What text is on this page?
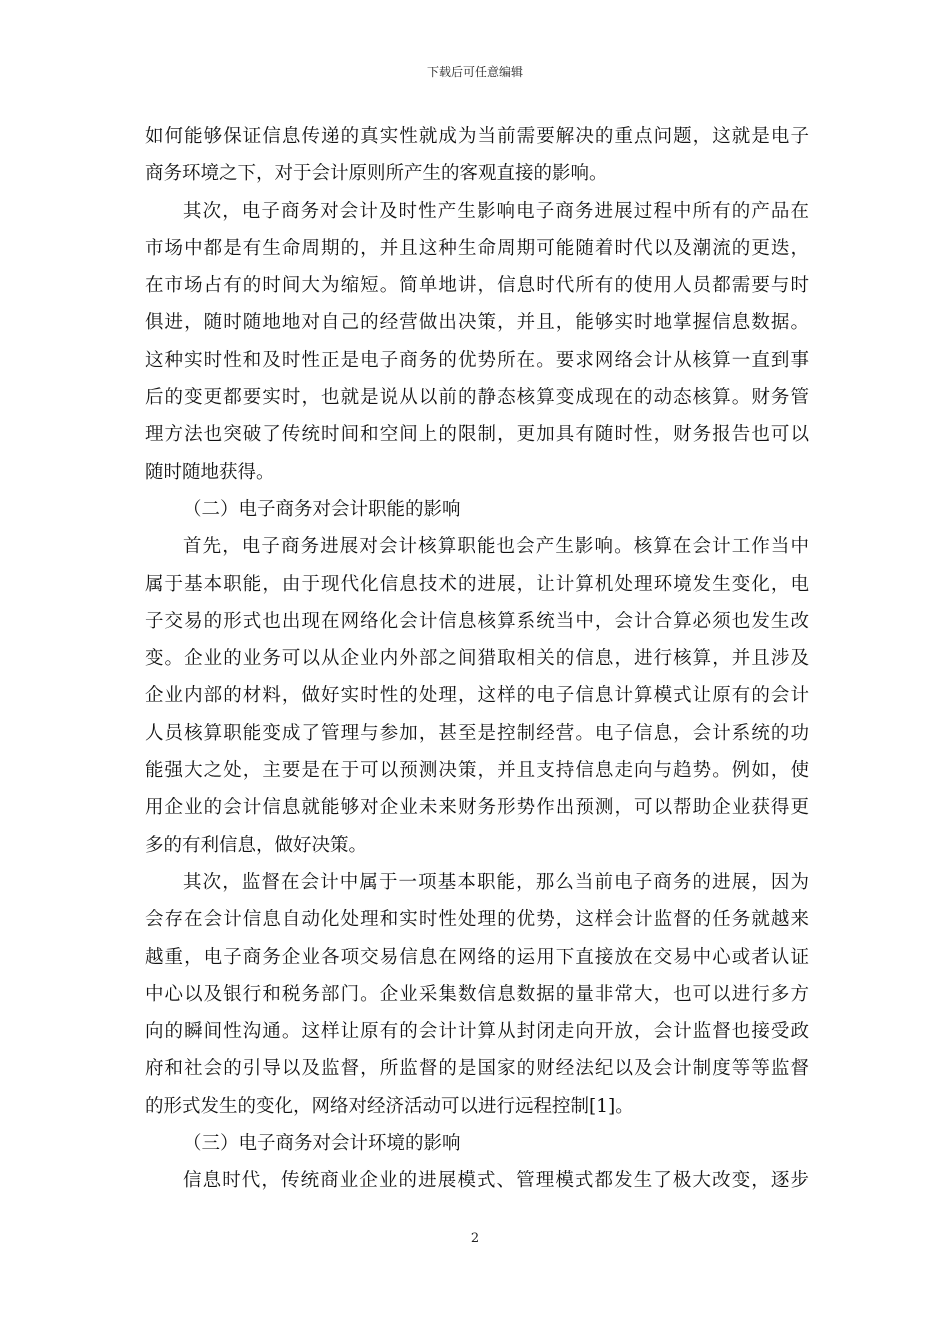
下载后可任意编辑
如何能够保证信息传递的真实性就成为当前需要解决的重点问题，这就是电子
商务环境之下，对于会计原则所产生的客观直接的影响。
其次，电子商务对会计及时性产生影响电子商务进展过程中所有的产品在
市场中都是有生命周期的，并且这种生命周期可能随着时代以及潮流的更迭，
在市场占有的时间大为缩短。简单地讲，信息时代所有的使用人员都需要与时
俱进，随时随地地对自己的经营做出决策，并且，能够实时地掌握信息数据。
这种实时性和及时性正是电子商务的优势所在。要求网络会计从核算一直到事
后的变更都要实时，也就是说从以前的静态核算变成现在的动态核算。财务管
理方法也突破了传统时间和空间上的限制，更加具有随时性，财务报告也可以
随时随地获得。
（二）电子商务对会计职能的影响
首先，电子商务进展对会计核算职能也会产生影响。核算在会计工作当中
属于基本职能，由于现代化信息技术的进展，让计算机处理环境发生变化，电
子交易的形式也出现在网络化会计信息核算系统当中，会计合算必须也发生改
变。企业的业务可以从企业内外部之间猎取相关的信息，进行核算，并且涉及
企业内部的材料，做好实时性的处理，这样的电子信息计算模式让原有的会计
人员核算职能变成了管理与参加，甚至是控制经营。电子信息，会计系统的功
能强大之处，主要是在于可以预测决策，并且支持信息走向与趋势。例如，使
用企业的会计信息就能够对企业未来财务形势作出预测，可以帮助企业获得更
多的有利信息，做好决策。
其次，监督在会计中属于一项基本职能，那么当前电子商务的进展，因为
会存在会计信息自动化处理和实时性处理的优势，这样会计监督的任务就越来
越重，电子商务企业各项交易信息在网络的运用下直接放在交易中心或者认证
中心以及银行和税务部门。企业采集数信息数据的量非常大，也可以进行多方
向的瞬间性沟通。这样让原有的会计计算从封闭走向开放，会计监督也接受政
府和社会的引导以及监督，所监督的是国家的财经法纪以及会计制度等等监督
的形式发生的变化，网络对经济活动可以进行远程控制[1]。
（三）电子商务对会计环境的影响
信息时代，传统商业企业的进展模式、管理模式都发生了极大改变，逐步
2
